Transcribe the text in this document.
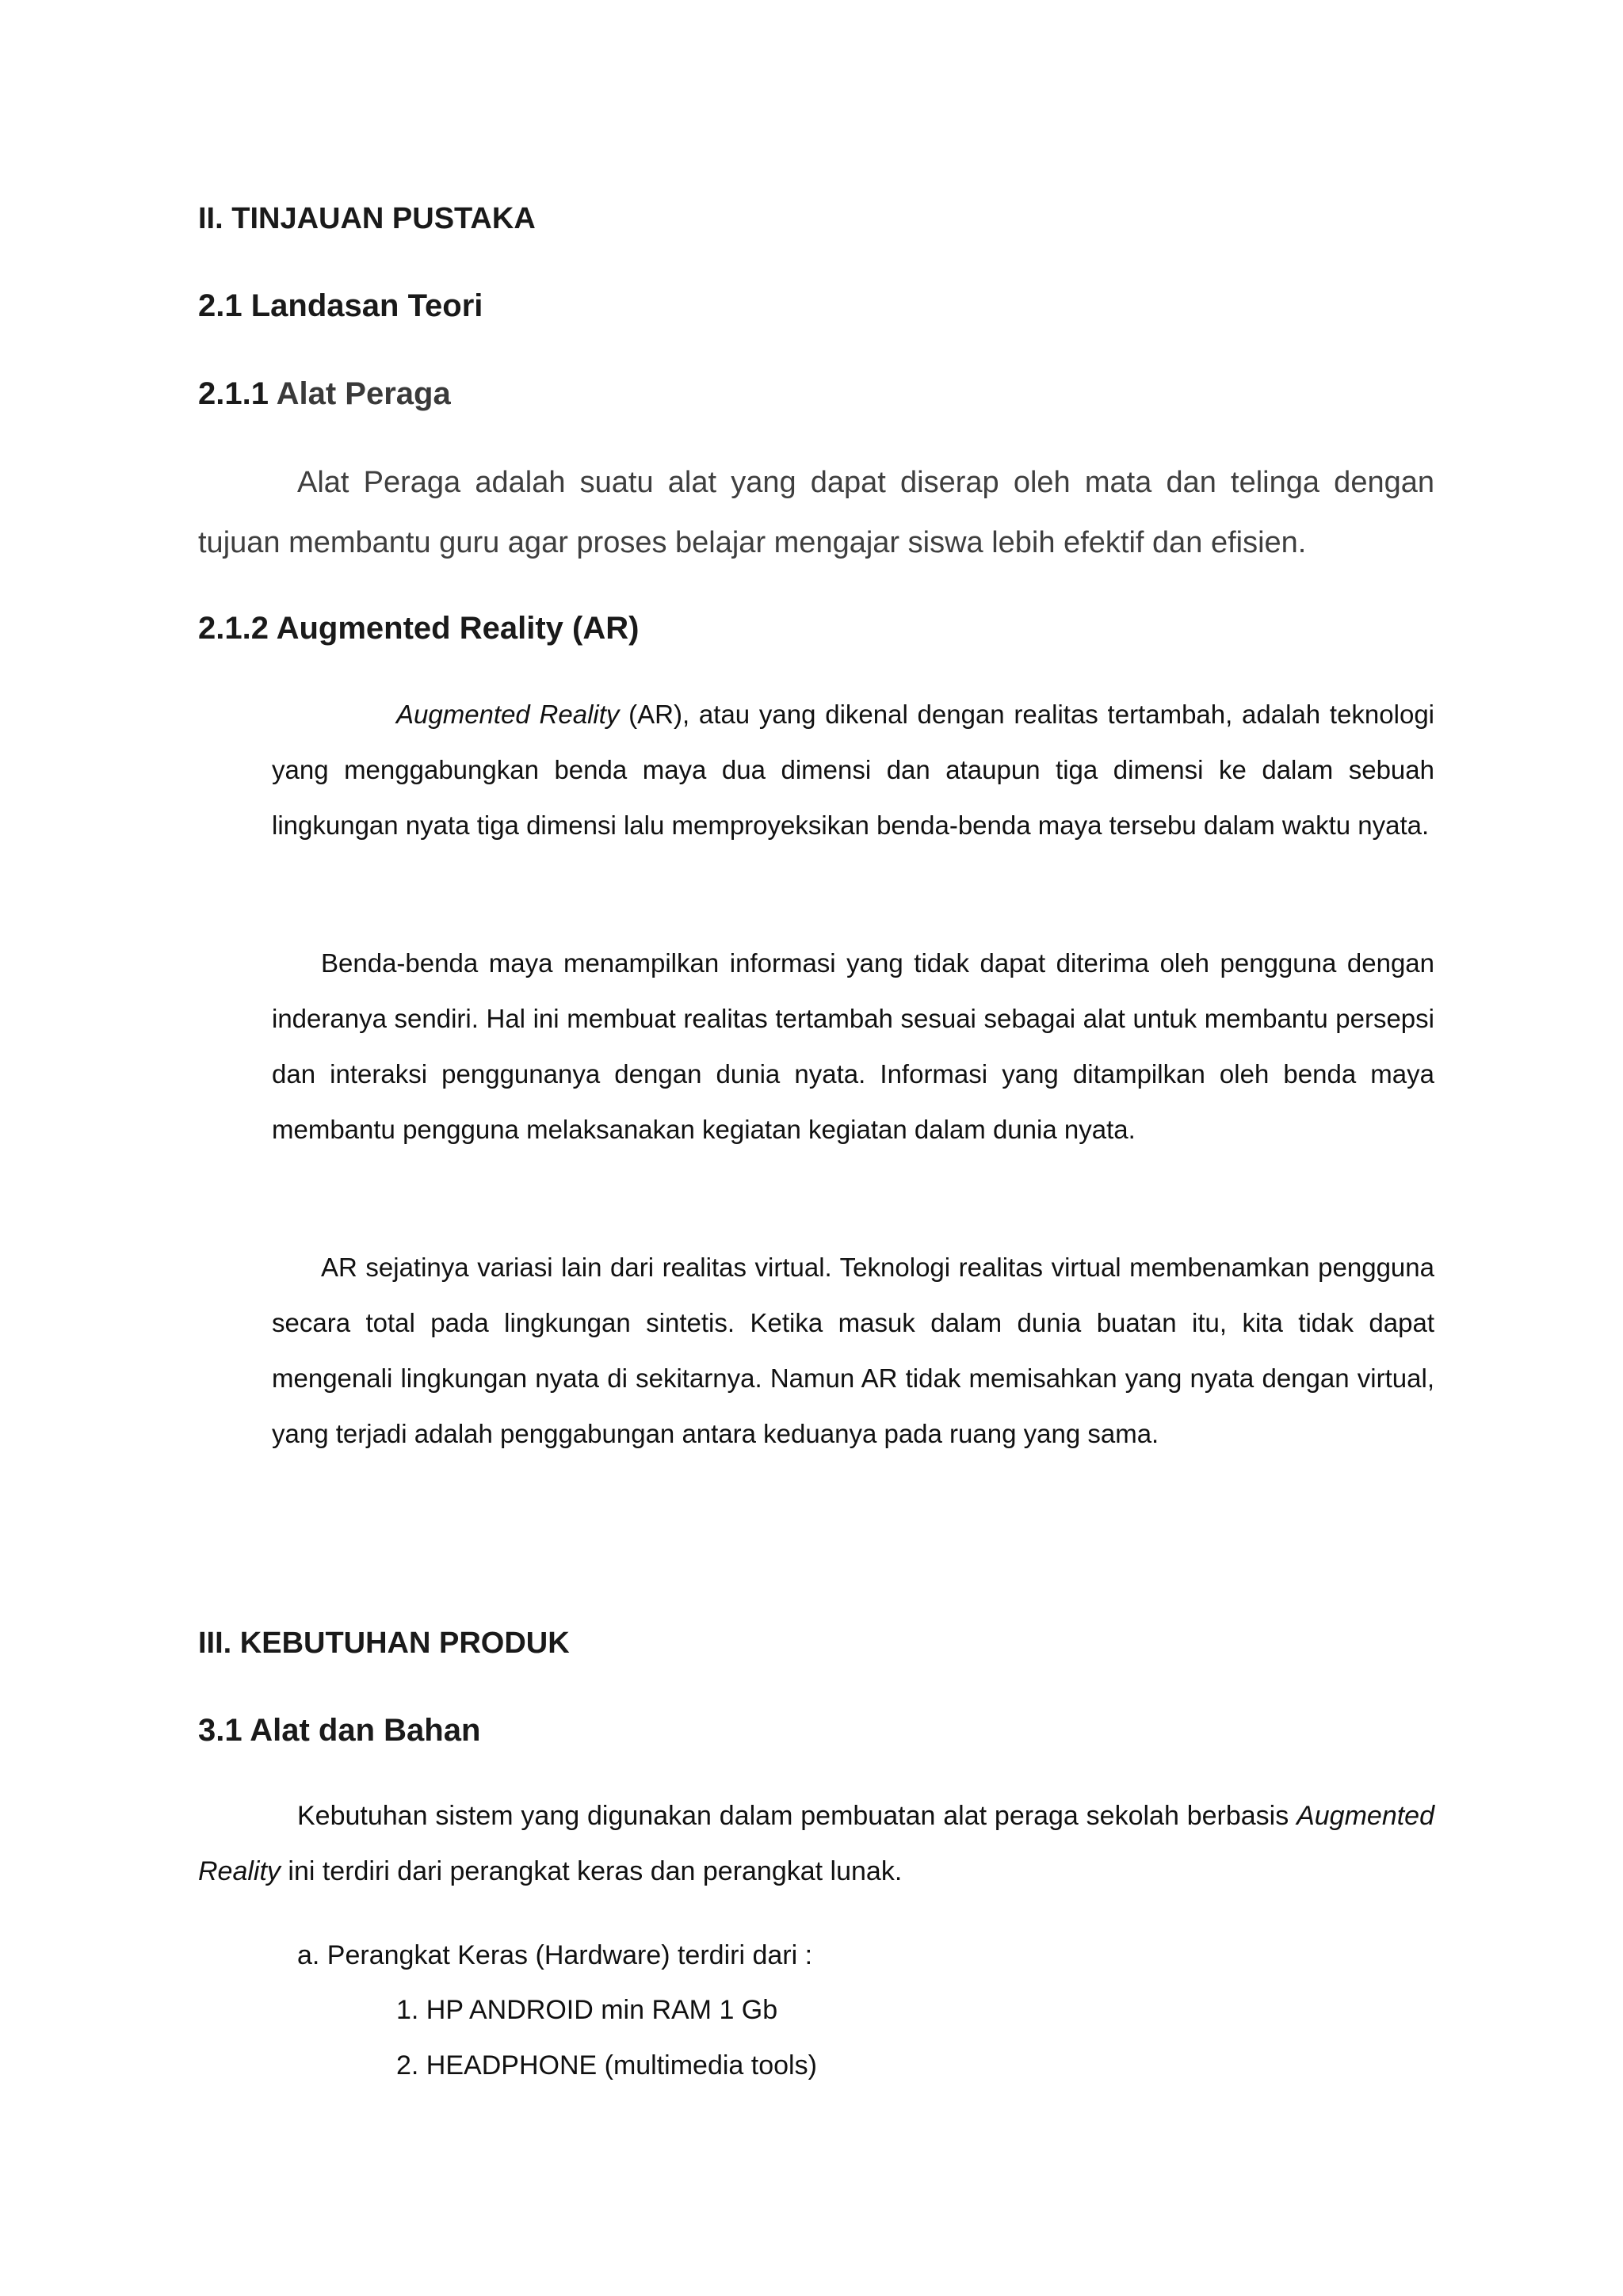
II. TINJAUAN PUSTAKA
2.1 Landasan Teori
2.1.1 Alat Peraga

Alat Peraga adalah suatu alat yang dapat diserap oleh mata dan telinga dengan tujuan membantu guru agar proses belajar mengajar siswa lebih efektif dan efisien.

2.1.2 Augmented Reality (AR)

Augmented Reality (AR), atau yang dikenal dengan realitas tertambah, adalah teknologi yang menggabungkan benda maya dua dimensi dan ataupun tiga dimensi ke dalam sebuah lingkungan nyata tiga dimensi lalu memproyeksikan benda-benda maya tersebu dalam waktu nyata.

Benda-benda maya menampilkan informasi yang tidak dapat diterima oleh pengguna dengan inderanya sendiri. Hal ini membuat realitas tertambah sesuai sebagai alat untuk membantu persepsi dan interaksi penggunanya dengan dunia nyata. Informasi yang ditampilkan oleh benda maya membantu pengguna melaksanakan kegiatan kegiatan dalam dunia nyata.

AR sejatinya variasi lain dari realitas virtual. Teknologi realitas virtual membenamkan pengguna secara total pada lingkungan sintetis. Ketika masuk dalam dunia buatan itu, kita tidak dapat mengenali lingkungan nyata di sekitarnya. Namun AR tidak memisahkan yang nyata dengan virtual, yang terjadi adalah penggabungan antara keduanya pada ruang yang sama.

III. KEBUTUHAN PRODUK
3.1 Alat dan Bahan

Kebutuhan sistem yang digunakan dalam pembuatan alat peraga sekolah berbasis Augmented Reality ini terdiri dari perangkat keras dan perangkat lunak.

a. Perangkat Keras (Hardware) terdiri dari :
1. HP ANDROID min RAM 1 Gb
2. HEADPHONE (multimedia tools)
